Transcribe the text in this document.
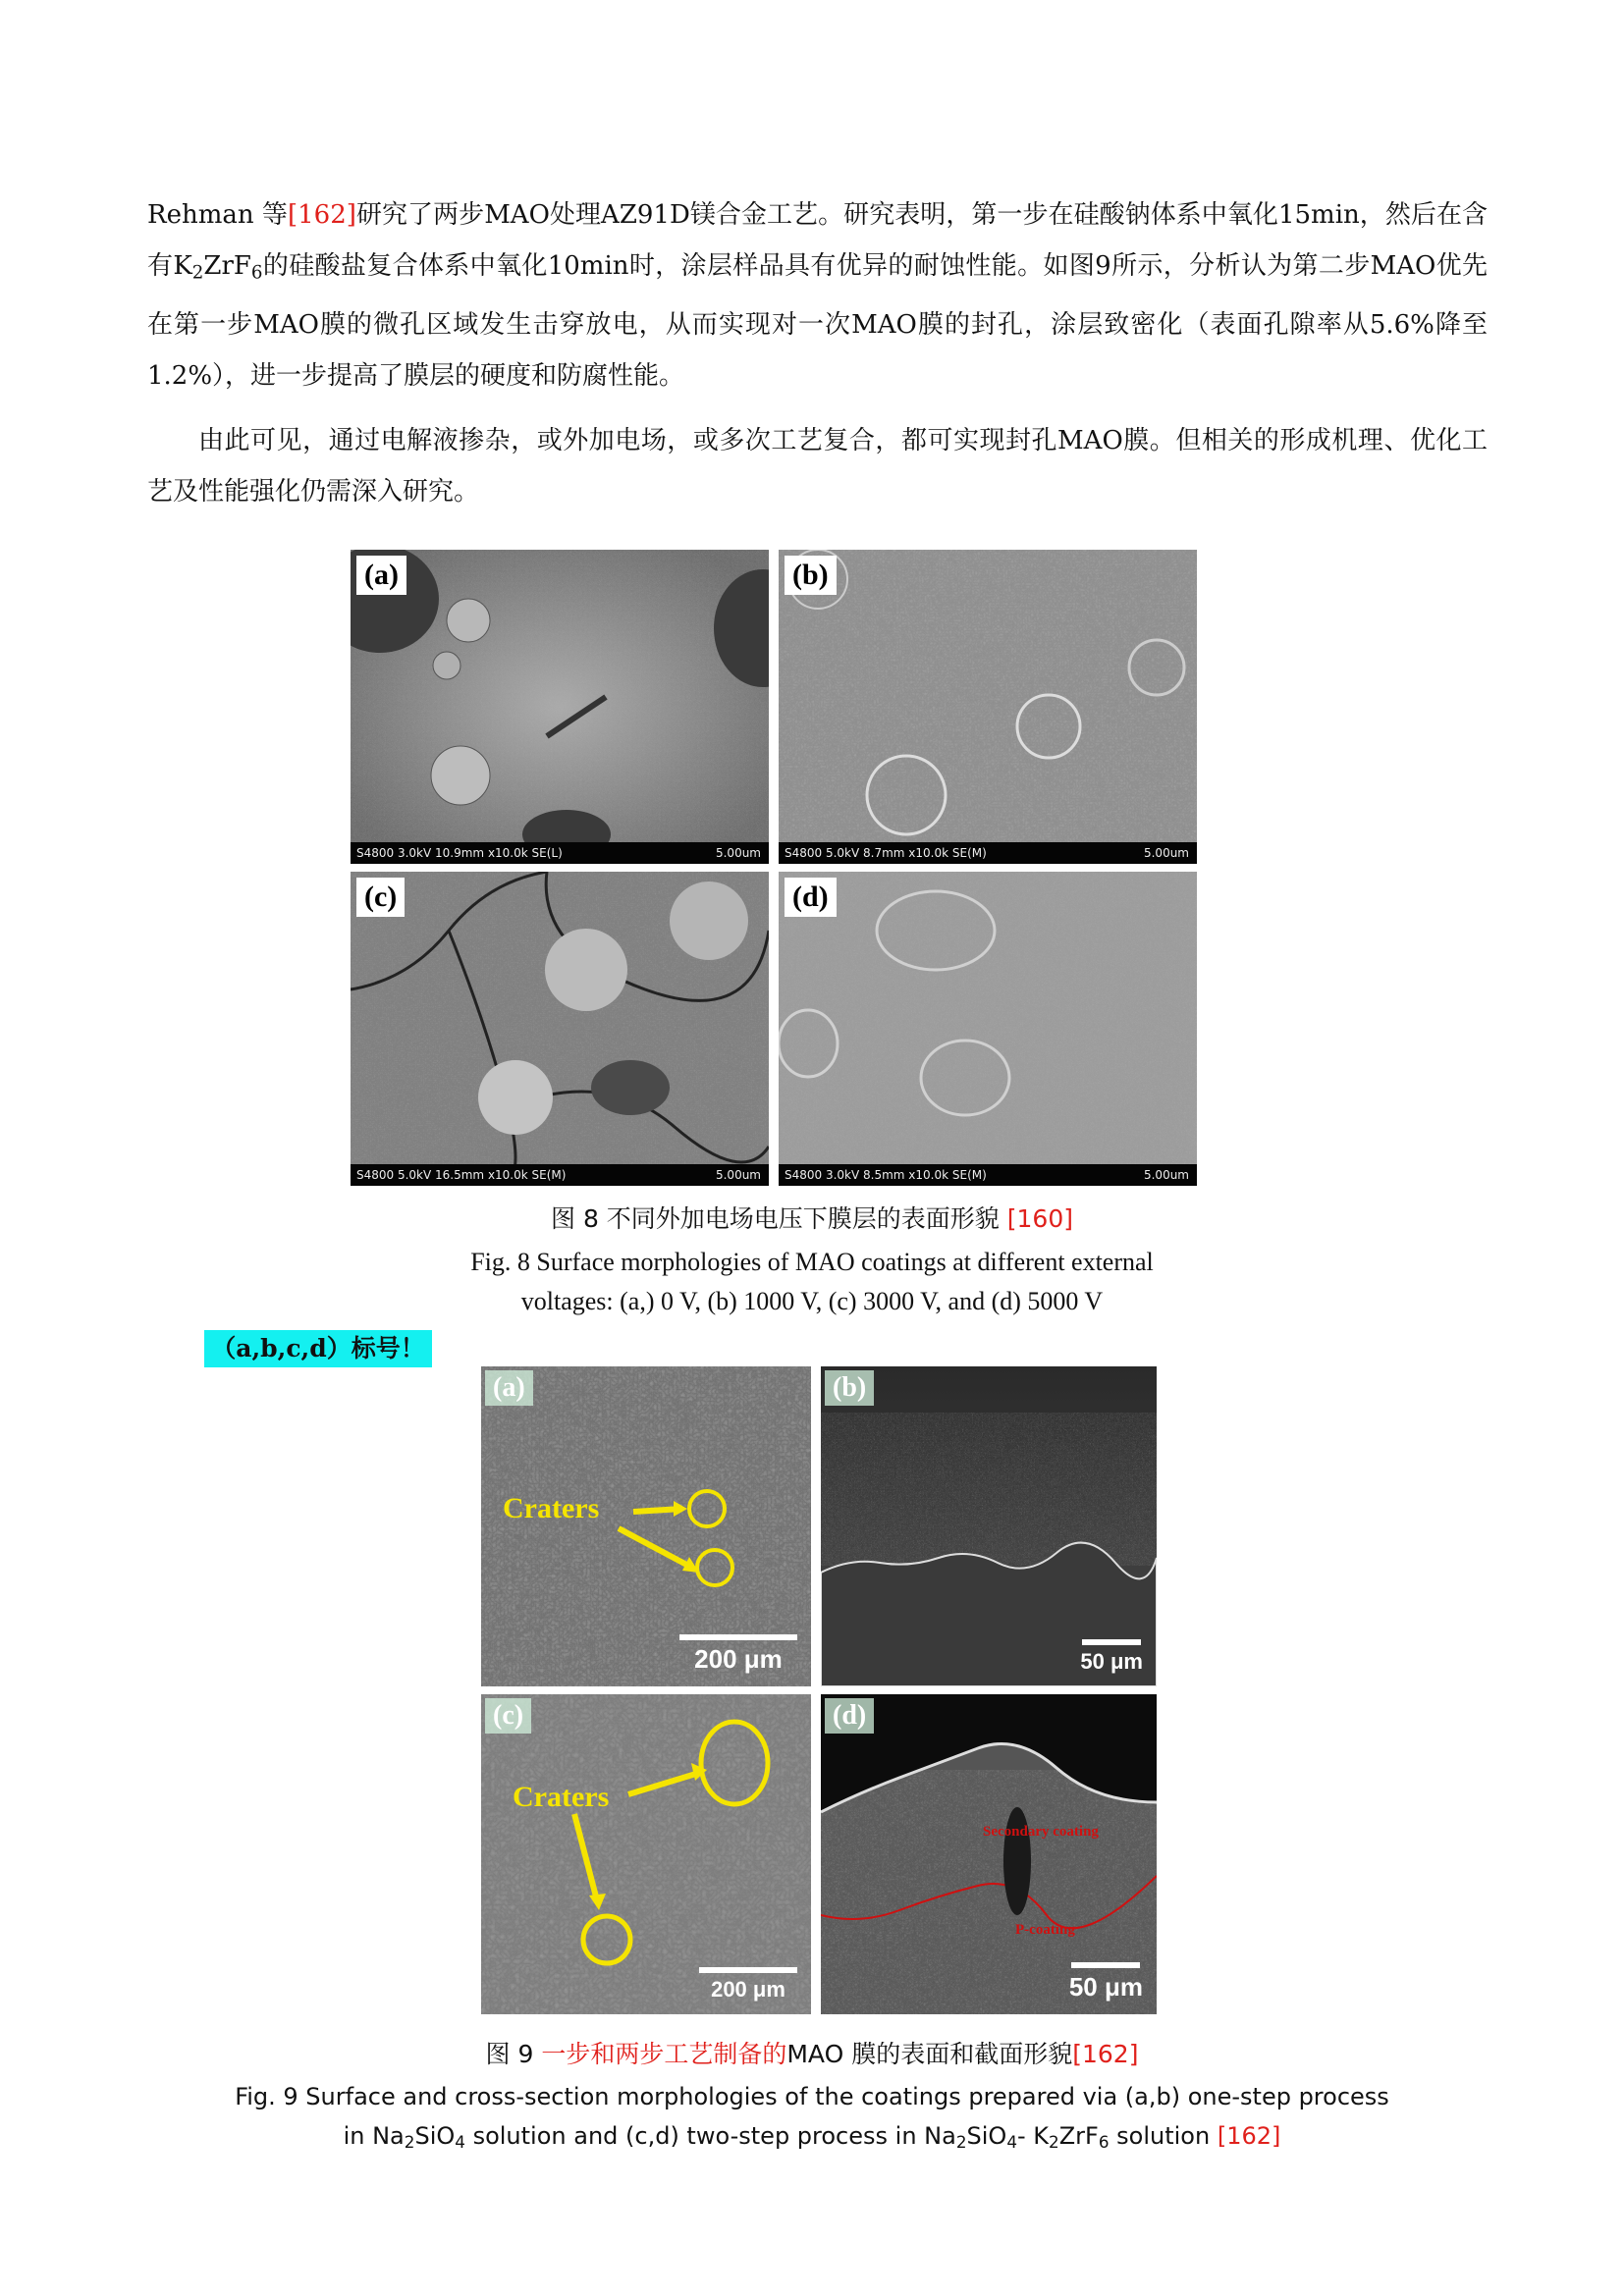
Rehman 等[162]研究了两步MAO处理AZ91D镁合金工艺。研究表明，第一步在硅酸钠体系中氧化15min，然后在含有$K_2ZrF_6$的硅酸盐复合体系中氧化10min时，涂层样品具有优异的耐蚀性能。如图9所示，分析认为第二步MAO优先在第一步MAO膜的微孔区域发生击穿放电，从而实现对一次MAO膜的封孔，涂层致密化（表面孔隙率从5.6%降至1.2%），进一步提高了膜层的硬度和防腐性能。
由此可见，通过电解液掺杂，或外加电场，或多次工艺复合，都可实现封孔MAO膜。但相关的形成机理、优化工艺及性能强化仍需深入研究。
(a)
S4800 3.0kV 10.9mm x10.0k SE(L)	5.00um
(b)
S4800 5.0kV 8.7mm x10.0k SE(M)	5.00um
(c)
S4800 5.0kV 16.5mm x10.0k SE(M)	5.00um
(d)
S4800 3.0kV 8.5mm x10.0k SE(M)	5.00um
图 8 不同外加电场电压下膜层的表面形貌 [160]
Fig. 8 Surface morphologies of MAO coatings at different external
voltages: (a,) 0 V, (b) 1000 V, (c) 3000 V, and (d) 5000 V
（a,b,c,d）标号！
(a)
Craters
200 μm
(b)
50 μm
(c)
Craters
200 μm
(d)
Secondary coating
P-coating
50 μm
图 9 一步和两步工艺制备的MAO 膜的表面和截面形貌[162]
Fig. 9 Surface and cross-section morphologies of the coatings prepared via (a,b) one-step process
in $Na_2SiO_4$ solution and (c,d) two-step process in $Na_2SiO_4-$ $K_2ZrF_6$ solution [162]
